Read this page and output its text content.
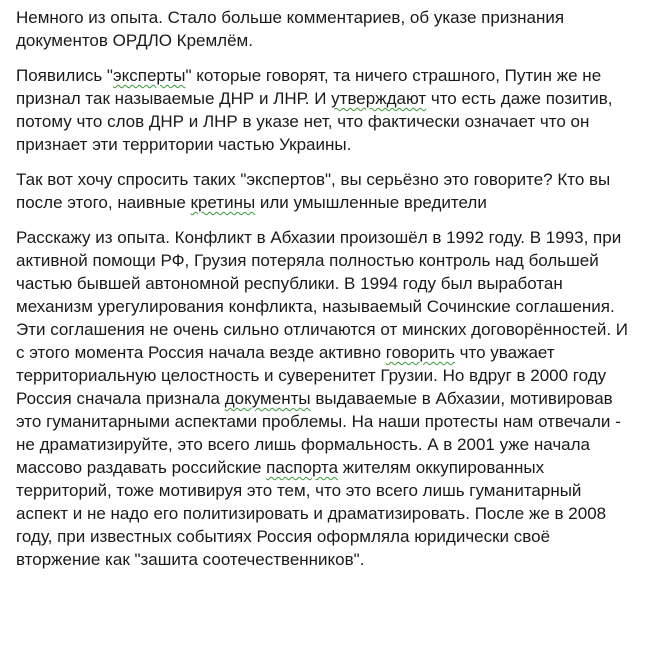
Немного из опыта. Стало больше комментариев, об указе признания
документов ОРДЛО Кремлём.
Появились "эксперты" которые говорят, та ничего страшного, Путин же не
признал так называемые ДНР и ЛНР. И утверждают что есть даже позитив,
потому что слов ДНР и ЛНР в указе нет, что фактически означает что он
признает эти территории частью Украины.
Так вот хочу спросить таких "экспертов", вы серьёзно это говорите? Кто вы
после этого, наивные кретины или умышленные вредители
Расскажу из опыта. Конфликт в Абхазии произошёл в 1992 году. В 1993, при
активной помощи РФ, Грузия потеряла полностью контроль над большей
частью бывшей автономной республики. В 1994 году был выработан
механизм урегулирования конфликта, называемый Сочинские соглашения.
Эти соглашения не очень сильно отличаются от минских договорённостей. И
с этого момента Россия начала везде активно говорить что уважает
территориальную целостность и суверенитет Грузии. Но вдруг в 2000 году
Россия сначала признала документы выдаваемые в Абхазии, мотивировав
это гуманитарными аспектами проблемы. На наши протесты нам отвечали -
не драматизируйте, это всего лишь формальность. А в 2001 уже начала
массово раздавать российские паспорта жителям оккупированных
территорий, тоже мотивируя это тем, что это всего лишь гуманитарный
аспект и не надо его политизировать и драматизировать. После же в 2008
году, при известных событиях Россия оформляла юридически своё
вторжение как "зашита соотечественников".
